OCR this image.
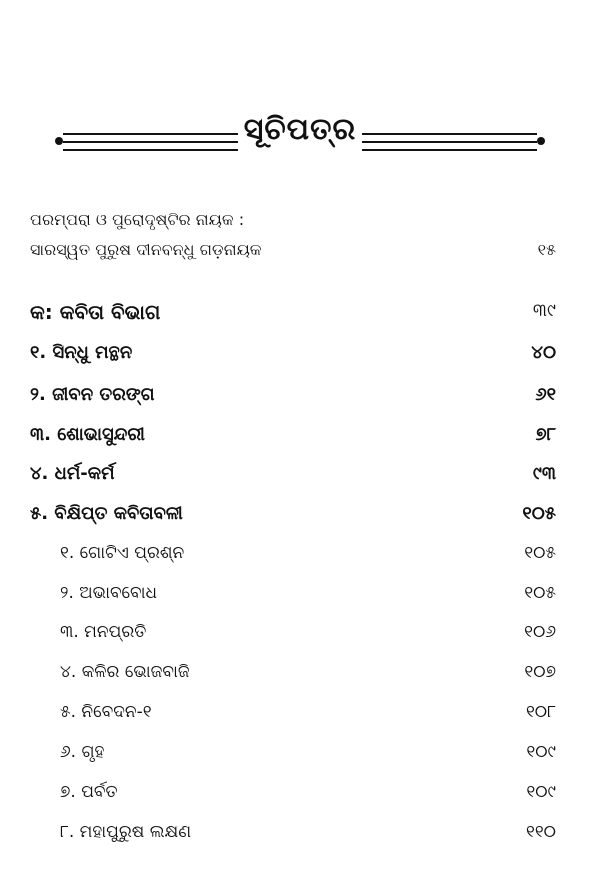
ସୂଚିପତ୍ର
ପରମ୍ପରା ଓ ପୁରୋଦୃଷ୍ଟିର ନାୟକ :
ସାରସ୍ୱତ ପୁରୁଷ ଦୀନବନ୍ଧୁ ଗଡ଼ନାୟକ	୧୫
କ: କବିତା ବିଭାଗ	୩୯
୧. ସିନ୍ଧୁ ମନ୍ଥନ	୪୦
୨. ଜୀବନ ତରଙ୍ଗ	୬୧
୩. ଶୋଭାସୁନ୍ଦରୀ	୭୮
୪. ଧର୍ମ-କର୍ମ	୯୩
୫. ବିକ୍ଷିପ୍ତ କବିତାବଳୀ	୧୦୫
୧. ଗୋଟିଏ ପ୍ରଶ୍ନ	୧୦୫
୨. ଅଭାବବୋଧ	୧୦୫
୩. ମନପ୍ରତି	୧୦୬
୪. କଳିର ଭୋଜବାଜି	୧୦୭
୫. ନିବେଦନ-୧	୧୦୮
୬. ଗୃହ	୧୦୯
୭. ପର୍ବତ	୧୦୯
୮. ମହାପୁରୁଷ ଲକ୍ଷଣ	୧୧୦
